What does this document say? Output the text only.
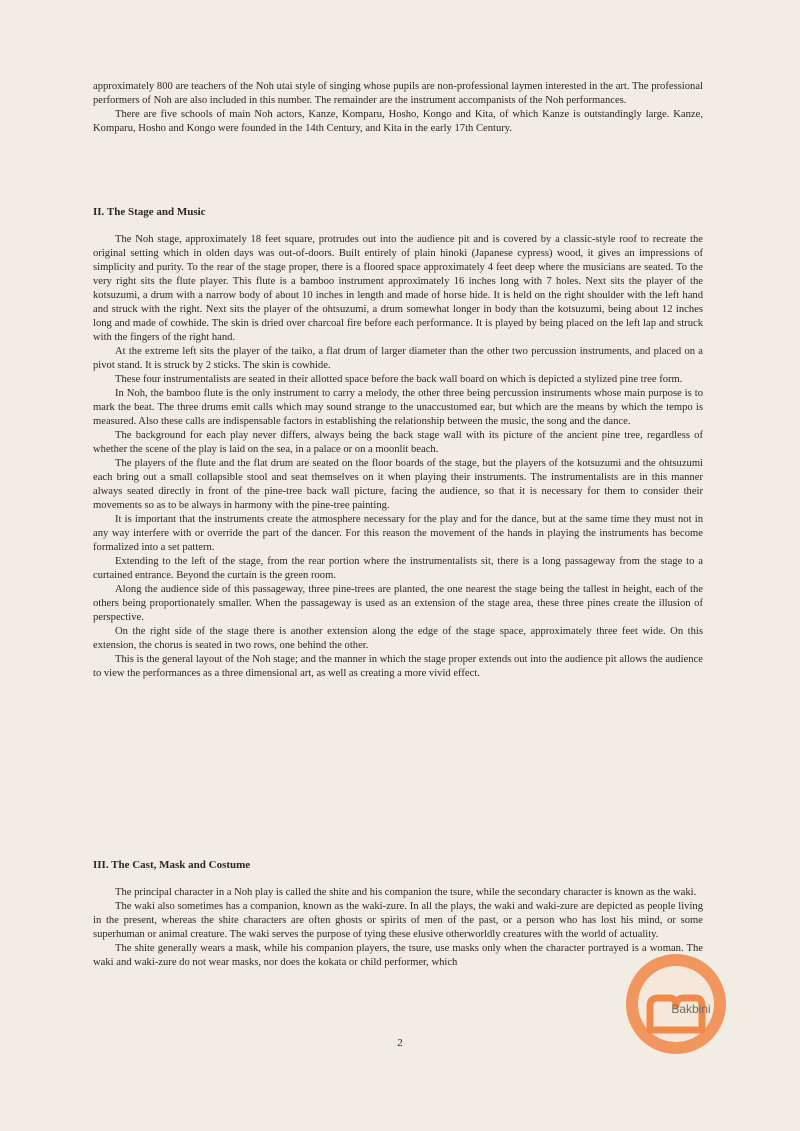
approximately 800 are teachers of the Noh utai style of singing whose pupils are non-professional laymen interested in the art. The professional performers of Noh are also included in this number. The remainder are the instrument accompanists of the Noh performances.

There are five schools of main Noh actors, Kanze, Komparu, Hosho, Kongo and Kita, of which Kanze is outstandingly large. Kanze, Komparu, Hosho and Kongo were founded in the 14th Century, and Kita in the early 17th Century.

II. The Stage and Music

The Noh stage, approximately 18 feet square, protrudes out into the audience pit and is covered by a classic-style roof to recreate the original setting which in olden days was out-of-doors. Built entirely of plain hinoki (Japanese cypress) wood, it gives an impressions of simplicity and purity. To the rear of the stage proper, there is a floored space approximately 4 feet deep where the musicians are seated. To the very right sits the flute player. This flute is a bamboo instrument approximately 16 inches long with 7 holes. Next sits the player of the kotsuzumi, a drum with a narrow body of about 10 inches in length and made of horse hide. It is held on the right shoulder with the left hand and struck with the right. Next sits the player of the ohtsuzumi, a drum somewhat longer in body than the kotsuzumi, being about 12 inches long and made of cowhide. The skin is dried over charcoal fire before each performance. It is played by being placed on the left lap and struck with the fingers of the right hand.

At the extreme left sits the player of the taiko, a flat drum of larger diameter than the other two percussion instruments, and placed on a pivot stand. It is struck by 2 sticks. The skin is cowhide.

These four instrumentalists are seated in their allotted space before the back wall board on which is depicted a stylized pine tree form.

In Noh, the bamboo flute is the only instrument to carry a melody, the other three being percussion instruments whose main purpose is to mark the beat. The three drums emit calls which may sound strange to the unaccustomed ear, but which are the means by which the tempo is measured. Also these calls are indispensable factors in establishing the relationship between the music, the song and the dance.

The background for each play never differs, always being the back stage wall with its picture of the ancient pine tree, regardless of whether the scene of the play is laid on the sea, in a palace or on a moonlit beach.

The players of the flute and the flat drum are seated on the floor boards of the stage, but the players of the kotsuzumi and the ohtsuzumi each bring out a small collapsible stool and seat themselves on it when playing their instruments. The instrumentalists are in this manner always seated directly in front of the pine-tree back wall picture, facing the audience, so that it is necessary for them to consider their movements so as to be always in harmony with the pine-tree painting.

It is important that the instruments create the atmosphere necessary for the play and for the dance, but at the same time they must not in any way interfere with or override the part of the dancer. For this reason the movement of the hands in playing the instruments has become formalized into a set pattern.

Extending to the left of the stage, from the rear portion where the instrumentalists sit, there is a long passageway from the stage to a curtained entrance. Beyond the curtain is the green room.

Along the audience side of this passageway, three pine-trees are planted, the one nearest the stage being the tallest in height, each of the others being proportionately smaller. When the passageway is used as an extension of the stage area, these three pines create the illusion of perspective.

On the right side of the stage there is another extension along the edge of the stage space, approximately three feet wide. On this extension, the chorus is seated in two rows, one behind the other.

This is the general layout of the Noh stage; and the manner in which the stage proper extends out into the audience pit allows the audience to view the performances as a three dimensional art, as well as creating a more vivid effect.

III. The Cast, Mask and Costume

The principal character in a Noh play is called the shite and his companion the tsure, while the secondary character is known as the waki.

The waki also sometimes has a companion, known as the waki-zure. In all the plays, the waki and waki-zure are depicted as people living in the present, whereas the shite characters are often ghosts or spirits of men of the past, or a person who has lost his mind, or some superhuman or animal creature. The waki serves the purpose of tying these elusive otherworldly creatures with the world of actuality.

The shite generally wears a mask, while his companion players, the tsure, use masks only when the character portrayed is a woman. The waki and waki-zure do not wear masks, nor does the kokata or child performer, which

2
Bakbini
